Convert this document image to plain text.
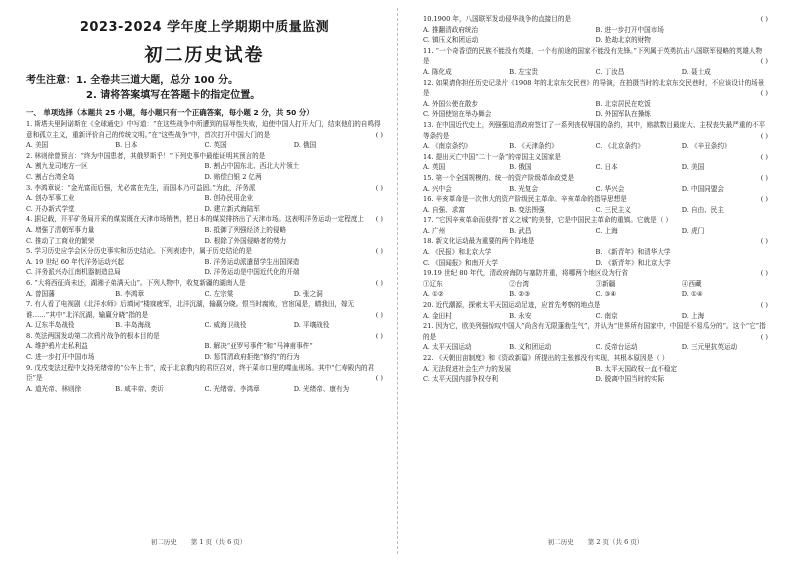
2023-2024 学年度上学期期中质量监测
初二历史试卷
考生注意：1. 全卷共三道大题，总分 100 分。
2. 请将答案填写在答题卡的指定位置。
一、 单项选择（本题共 25 小题，每小题只有一个正确答案，每小题 2 分，共 50 分）
1. 斯塔夫里阿诺斯在《全球通史》中写道：“在这些战争中所遭到的屈辱性失败，迫使中国人打开大门，结束他们的自鸣得意和孤立主义，重新评价自己的传统文明。”在“这些战争”中，首次打开中国大门的是	( )
A. 美国	B. 日本	C. 英国	D. 俄国
2. 林则徐曾预言：“终为中国患者，其俄罗斯乎！”下列史事中最能证明其预言的是
A. 割九龙司地方一区	B. 割占中国东北、西北大片领土
C. 割占台湾全岛	D. 赔偿白银 2 亿两
3. 李鸿章说：“金光富而后强，尤必富在先生，而国本乃可益固。”为此，洋务派	( )
A. 创办军事工业	B. 创办民用企业
C. 开办新式学堂	D. 建立新式海陆军
4. 据记载，开平矿务局开采的煤炭既在天津市场销售，把日本的煤炭排挤出了天津市场。这表明洋务运动一定程度上 ( )
A. 增强了清朝军事力量	B. 抵御了列强经济上的侵略
C. 推动了工商业的繁荣	D. 根除了外国侵略者的势力
5. 学习历史应学会区分历史事实和历史结论。下列表述中，属于历史结论的是	( )
A. 19 世纪 60 年代洋务运动兴起	B. 洋务运动派遣留学生出国深造
C. 洋务派兴办江南机器制造总局	D. 洋务运动是中国近代化的开端
6. “大将西征尚未还，湖湘子弟满天山”。下列人物中，收复新疆的湖南人是	( )
A. 曾国藩	B. 李鸿章	C. 左宗棠	D. 张之洞
7. 有人看了电视剧《北洋水师》后填词“楼寐疲军，北洋沉湖，输赢分晓。恨当时腐败，官宦闻是，睛我田，嫁无谁……”其中“北洋沉湖，输赢分晓”指的是	( )
A. 辽东半岛战役	B. 丰岛海战	C. 威海卫战役	D. 平壤战役
8. 英法两国发动第二次鸦片战争的根本目的是	( )
A. 维护鸦片走私利益	B. 解决“亚罗号事件”和“马神甫事件”
C. 进一步打开中国市场	D. 惩罚清政府拒绝“修约”的行为
9. 戊戌变法过程中支持光绪帝的“公车上书”，成于北京教内的君臣召对，终于菜市口里的喋血刑场。其中“仁寿殿内的君臣”是	( )
A. 道光帝、林则徐	B. 咸丰帝、奕䜣	C. 光绪帝、李鸿章	D. 光绪帝、康有为
初二历史 第 1 页（共 6 页）
10.1900 年，八国联军发动侵华战争的直接目的是	( )
A. 推翻清政府统治	B. 进一步打开中国市场
C. 镇压义和团运动	D. 抢劫北京的财物
11. “一个奇香望的民族不能没有英雄，一个有前途的国家不能没有先锋。”下列属于英勇抗击八国联军侵略的英雄人物是	( )
A. 陈化成	B. 左宝贵	C. 丁汝昌	D. 聂士成
12. 如果请你担任历史记录片《1908 年的北京东交民巷》的导演，在拍摄当时的北京东交民巷时，不应该设计的场景是	( )
A. 外国公使在散步	B. 北京居民在吃饭
C. 外国使馆在举办舞会	D. 外国军队在操练
13. 在中国近代史上，列强强迫清政府签订了一系列丧权辱国的条约，其中，赔款数目最庞大、主权丧失最严重的不平等条约是	( )
A. 《南京条约》	B. 《天津条约》	C. 《北京条约》	D. 《辛丑条约》
14. 提出灭亡中国“二十一条”的帝国主义国家是	( )
A. 英国	B. 俄国	C. 日本	D. 美国
15. 第一个全国规模的、统一的资产阶级革命政党是	( )
A. 兴中会	B. 光复会	C. 华兴会	D. 中国同盟会
16. 辛亥革命是一次伟大的资产阶级民主革命。辛亥革命的指导思想是	( )
A. 自强、求富	B. 变法图强	C. 三民主义	D. 自由、民主
17. “它因辛亥革命而获得“首义之城”的美誉，它是中国民主革命的重镇。它就是（ ）
A. 广州	B. 武昌	C. 上海	D. 虎门
18. 新文化运动最为重要的两个阵地是	( )
A. 《民报》和北京大学	B. 《新青年》和清华大学
C. 《国闻报》和南开大学	D. 《新青年》和北京大学
19.19 世纪 80 年代，清政府海防与塞防并重，将哪两个地区设为行省	( )
①辽东	②台湾	③新疆	④西藏
A. ①②	B. ②③	C. ③④	D. ①④
20. 近代潮源，探索太平天国运动足迹，应首先考察的地点是	( )
A. 金田村	B. 永安	C. 南京	D. 上海
21. 因为它，欧美列强惊叹中国人“尚含有无限蓬勃生气”，并认为“世界所有国家中，中国是不易瓜分的”。这个“它”指的是	( )
A. 太平天国运动	B. 义和团运动	C. 反帝台运动	D. 三元里抗英运动
22. 《天朝田亩制度》和《资政新篇》所提出的主张都没有实现，其根本原因是（ ）
A. 无法促进社会生产力的发展	B. 太平天国政权一直不稳定
C. 太平天国内部争权夺利	D. 脱离中国当时的实际
初二历史 第 2 页（共 6 页）
